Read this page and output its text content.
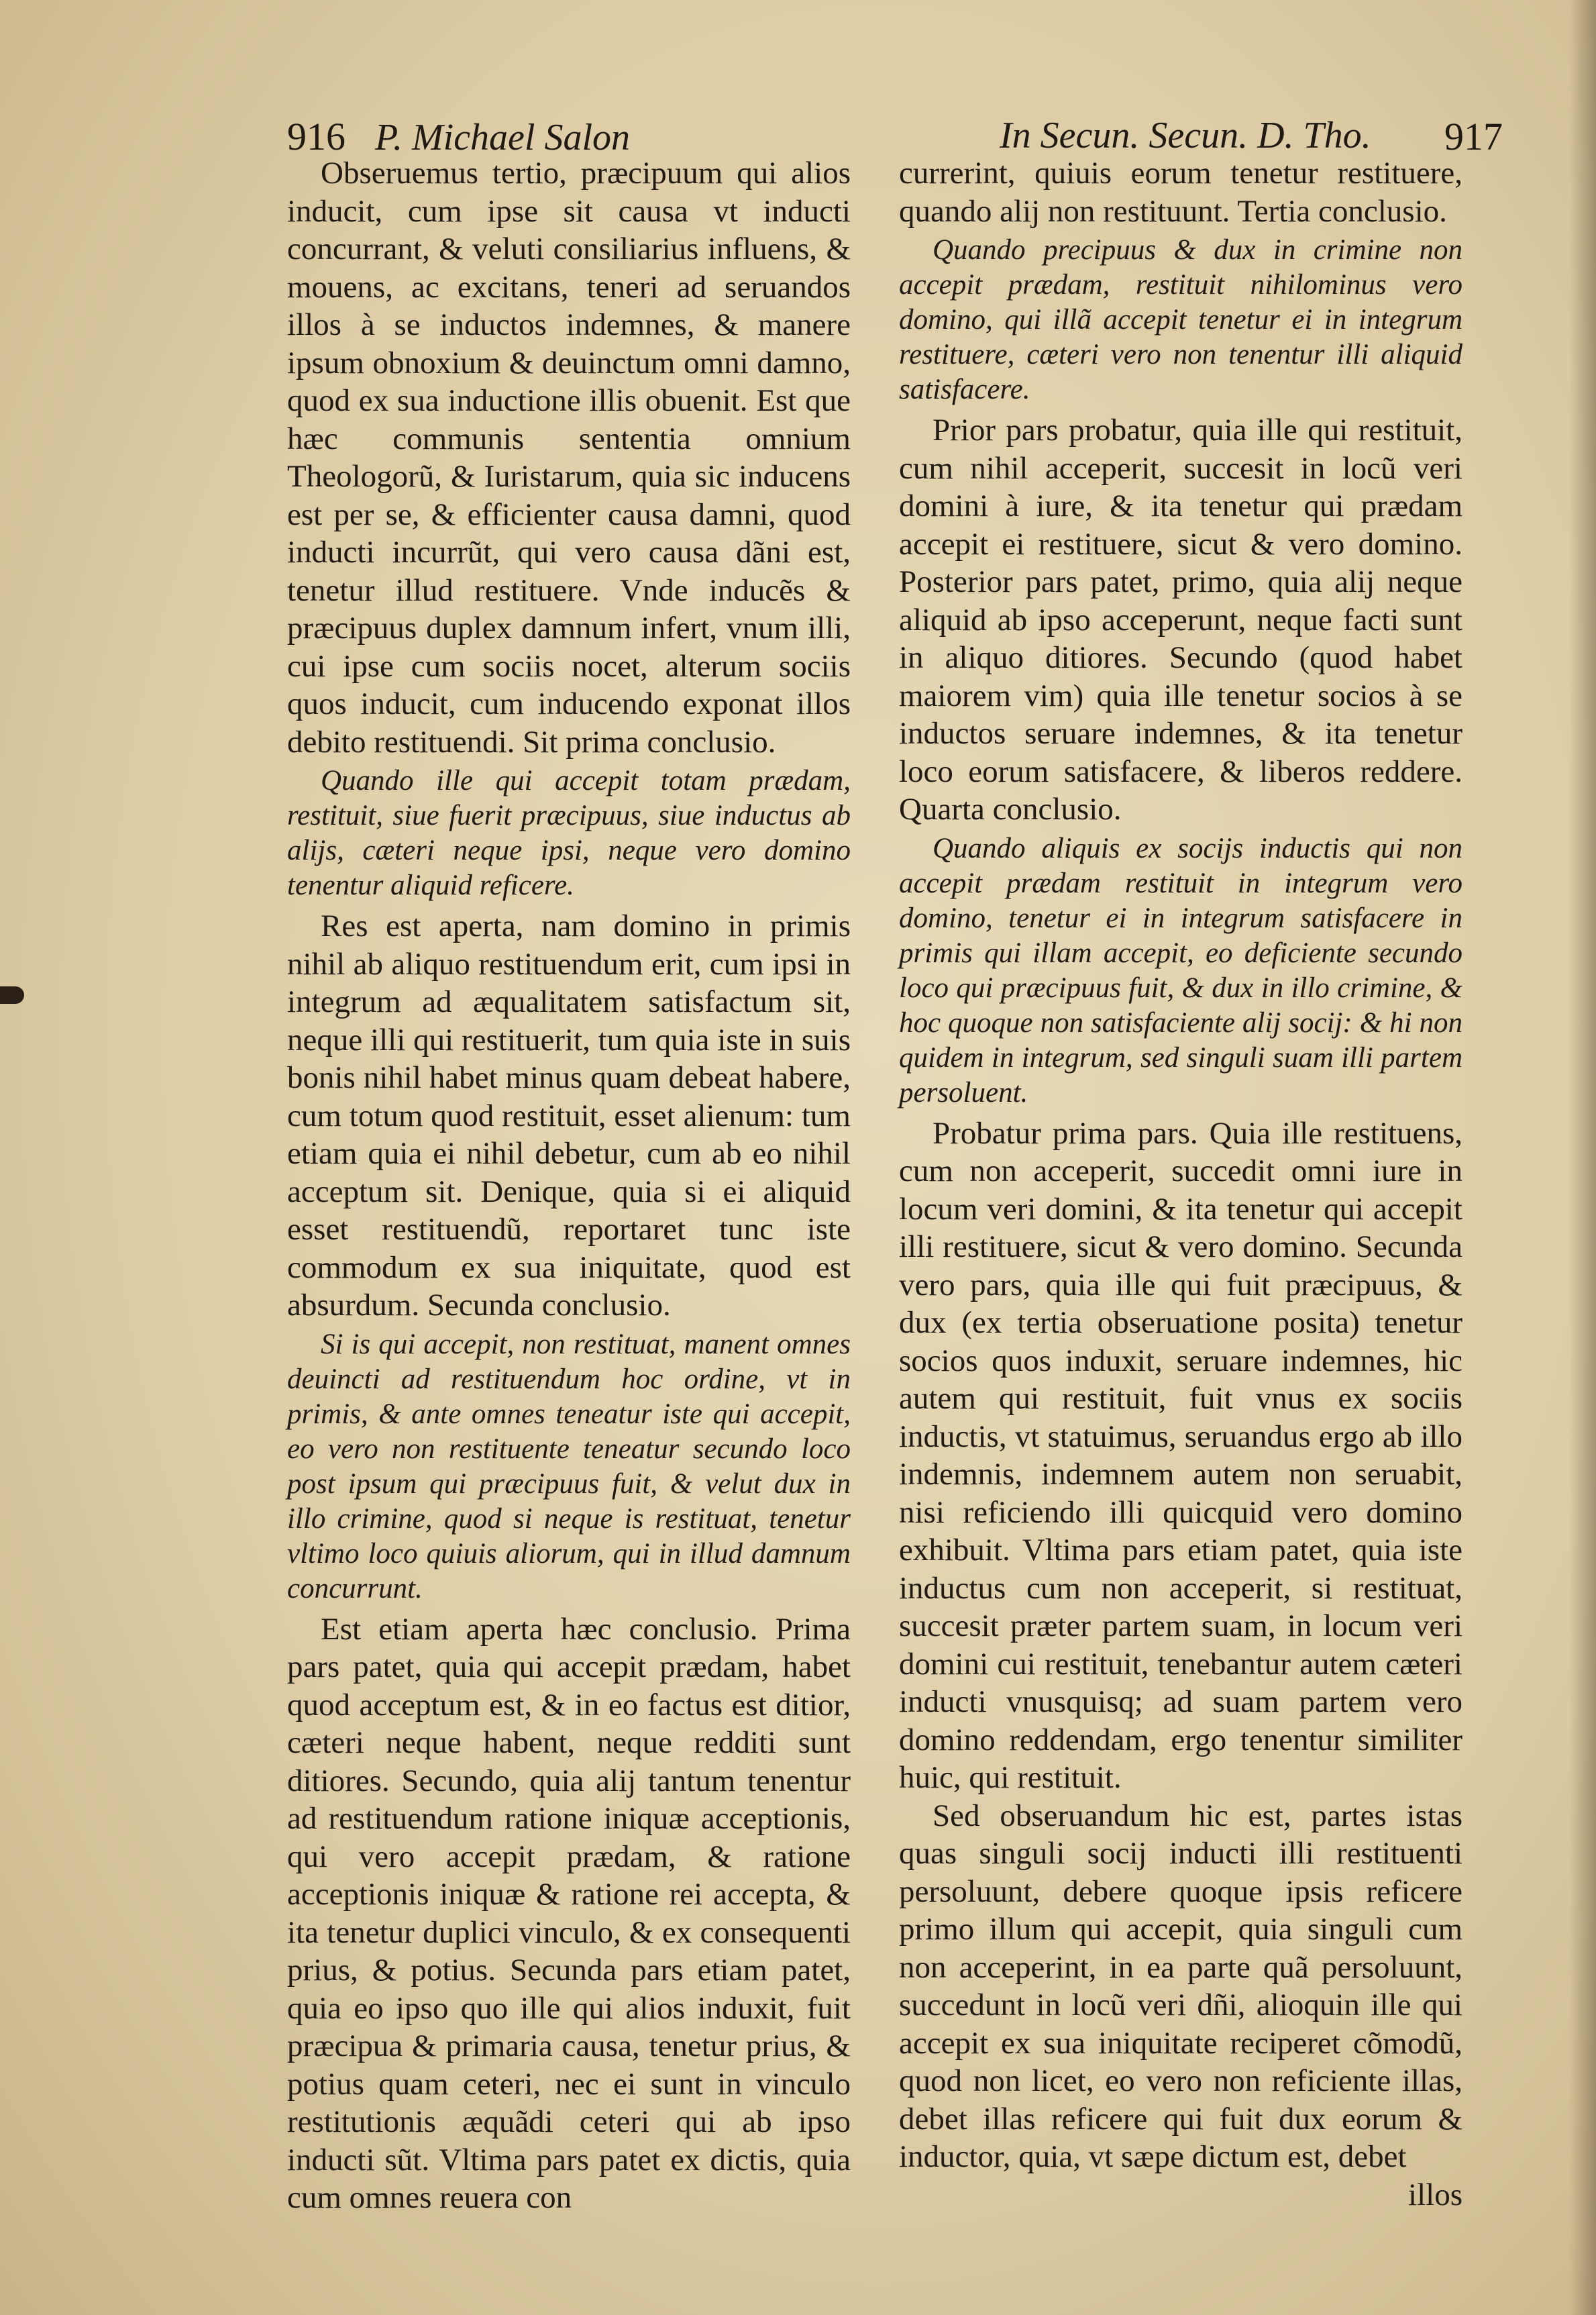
916 P. Michael Salon	In Secun. Secun. D. Tho. 917

Obseruemus tertio, præcipuum qui alios inducit, cum ipse sit causa vt inducti concurrant, & veluti consiliarius influens, & mouens, ac excitans, teneri ad seruandos illos à se inductos indemnes, & manere ipsum obnoxium & deuinctum omni damno, quod ex sua inductione illis obuenit. Est que hæc communis sententia omnium Theologorũ, & Iuristarum, quia sic inducens est per se, & efficienter causa damni, quod inducti incurrũt, qui vero causa dãni est, tenetur illud restituere. Vnde inducẽs & præcipuus duplex damnum infert, vnum illi, cui ipse cum sociis nocet, alterum sociis quos inducit, cum inducendo exponat illos debito restituendi. Sit prima conclusio.

Quando ille qui accepit totam prædam, restituit, siue fuerit præcipuus, siue inductus ab alijs, cæteri neque ipsi, neque vero domino tenentur aliquid reficere.

Res est aperta, nam domino in primis nihil ab aliquo restituendum erit, cum ipsi in integrum ad æqualitatem satisfactum sit, neque illi qui restituerit, tum quia iste in suis bonis nihil habet minus quam debeat habere, cum totum quod restituit, esset alienum: tum etiam quia ei nihil debetur, cum ab eo nihil acceptum sit. Denique, quia si ei aliquid esset restituendũ, reportaret tunc iste commodum ex sua iniquitate, quod est absurdum. Secunda conclusio.

Si is qui accepit, non restituat, manent omnes deuincti ad restituendum hoc ordine, vt in primis, & ante omnes teneatur iste qui accepit, eo vero non restituente teneatur secundo loco post ipsum qui præcipuus fuit, & velut dux in illo crimine, quod si neque is restituat, tenetur vltimo loco quiuis aliorum, qui in illud damnum concurrunt.

Est etiam aperta hæc conclusio. Prima pars patet, quia qui accepit prædam, habet quod acceptum est, & in eo factus est ditior, cæteri neque habent, neque redditi sunt ditiores. Secundo, quia alij tantum tenentur ad restituendum ratione iniquæ acceptionis, qui vero accepit prædam, & ratione acceptionis iniquæ & ratione rei accepta, & ita tenetur duplici vinculo, & ex consequenti prius, & potius. Secunda pars etiam patet, quia eo ipso quo ille qui alios induxit, fuit præcipua & primaria causa, tenetur prius, & potius quam ceteri, nec ei sunt in vinculo restitutionis æquãdi ceteri qui ab ipso inducti sũt. Vltima pars patet ex dictis, quia cum omnes reuera con

currerint, quiuis eorum tenetur restituere, quando alij non restituunt. Tertia conclusio.

Quando precipuus & dux in crimine non accepit prædam, restituit nihilominus vero domino, qui illã accepit tenetur ei in integrum restituere, cæteri vero non tenentur illi aliquid satisfacere.

Prior pars probatur, quia ille qui restituit, cum nihil acceperit, succesit in locũ veri domini à iure, & ita tenetur qui prædam accepit ei restituere, sicut & vero domino. Posterior pars patet, primo, quia alij neque aliquid ab ipso acceperunt, neque facti sunt in aliquo ditiores. Secundo (quod habet maiorem vim) quia ille tenetur socios à se inductos seruare indemnes, & ita tenetur loco eorum satisfacere, & liberos reddere. Quarta conclusio.

Quando aliquis ex socijs inductis qui non accepit prædam restituit in integrum vero domino, tenetur ei in integrum satisfacere in primis qui illam accepit, eo deficiente secundo loco qui præcipuus fuit, & dux in illo crimine, & hoc quoque non satisfaciente alij socij: & hi non quidem in integrum, sed singuli suam illi partem persoluent.

Probatur prima pars. Quia ille restituens, cum non acceperit, succedit omni iure in locum veri domini, & ita tenetur qui accepit illi restituere, sicut & vero domino. Secunda vero pars, quia ille qui fuit præcipuus, & dux (ex tertia obseruatione posita) tenetur socios quos induxit, seruare indemnes, hic autem qui restituit, fuit vnus ex sociis inductis, vt statuimus, seruandus ergo ab illo indemnis, indemnem autem non seruabit, nisi reficiendo illi quicquid vero domino exhibuit. Vltima pars etiam patet, quia iste inductus cum non acceperit, si restituat, succesit præter partem suam, in locum veri domini cui restituit, tenebantur autem cæteri inducti vnusquisq; ad suam partem vero domino reddendam, ergo tenentur similiter huic, qui restituit.

Sed obseruandum hic est, partes istas quas singuli socij inducti illi restituenti persoluunt, debere quoque ipsis reficere primo illum qui accepit, quia singuli cum non acceperint, in ea parte quã persoluunt, succedunt in locũ veri dñi, alioquin ille qui accepit ex sua iniquitate reciperet cõmodũ, quod non licet, eo vero non reficiente illas, debet illas reficere qui fuit dux eorum & inductor, quia, vt sæpe dictum est, debet

illos
